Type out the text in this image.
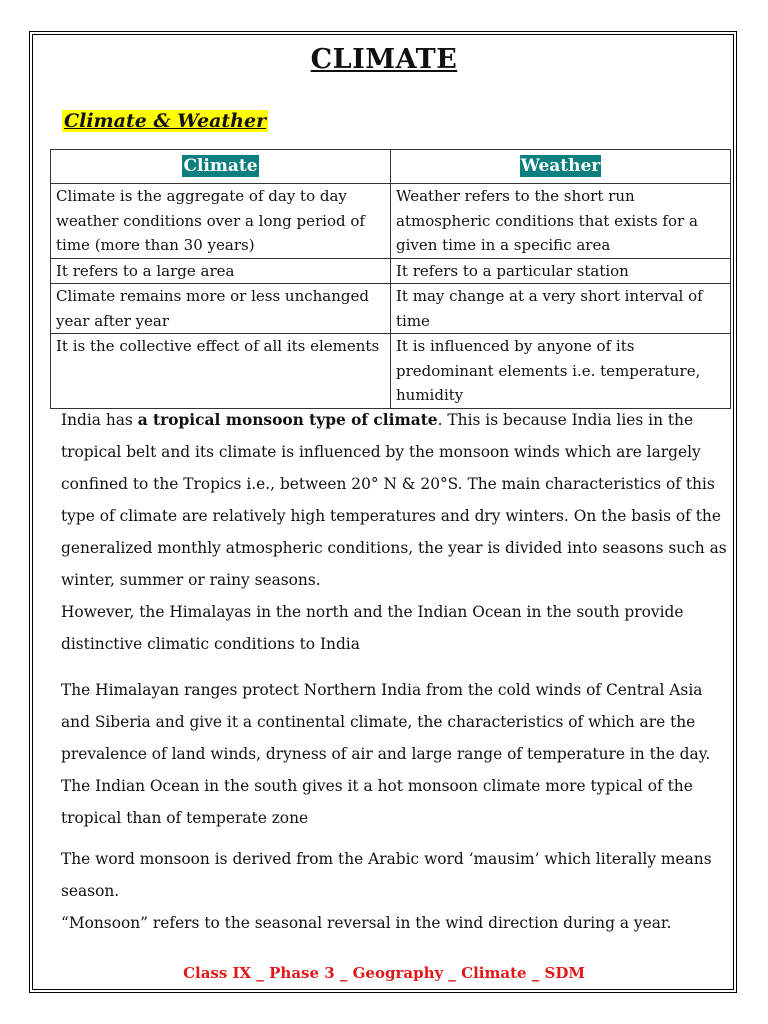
CLIMATE
Climate & Weather
Climate	Weather
Climate is the aggregate of day to day weather conditions over a long period of time (more than 30 years)	Weather refers to the short run atmospheric conditions that exists for a given time in a specific area
It refers to a large area	It refers to a particular station
Climate remains more or less unchanged year after year	It may change at a very short interval of time
It is the collective effect of all its elements	It is influenced by anyone of its predominant elements i.e. temperature, humidity

India has a tropical monsoon type of climate. This is because India lies in the tropical belt and its climate is influenced by the monsoon winds which are largely confined to the Tropics i.e., between 20° N & 20°S. The main characteristics of this type of climate are relatively high temperatures and dry winters. On the basis of the generalized monthly atmospheric conditions, the year is divided into seasons such as winter, summer or rainy seasons.

However, the Himalayas in the north and the Indian Ocean in the south provide distinctive climatic conditions to India

The Himalayan ranges protect Northern India from the cold winds of Central Asia and Siberia and give it a continental climate, the characteristics of which are the prevalence of land winds, dryness of air and large range of temperature in the day. The Indian Ocean in the south gives it a hot monsoon climate more typical of the tropical than of temperate zone

The word monsoon is derived from the Arabic word ‘mausim’ which literally means season.

“Monsoon” refers to the seasonal reversal in the wind direction during a year.

Class IX _ Phase 3 _ Geography _ Climate _ SDM
